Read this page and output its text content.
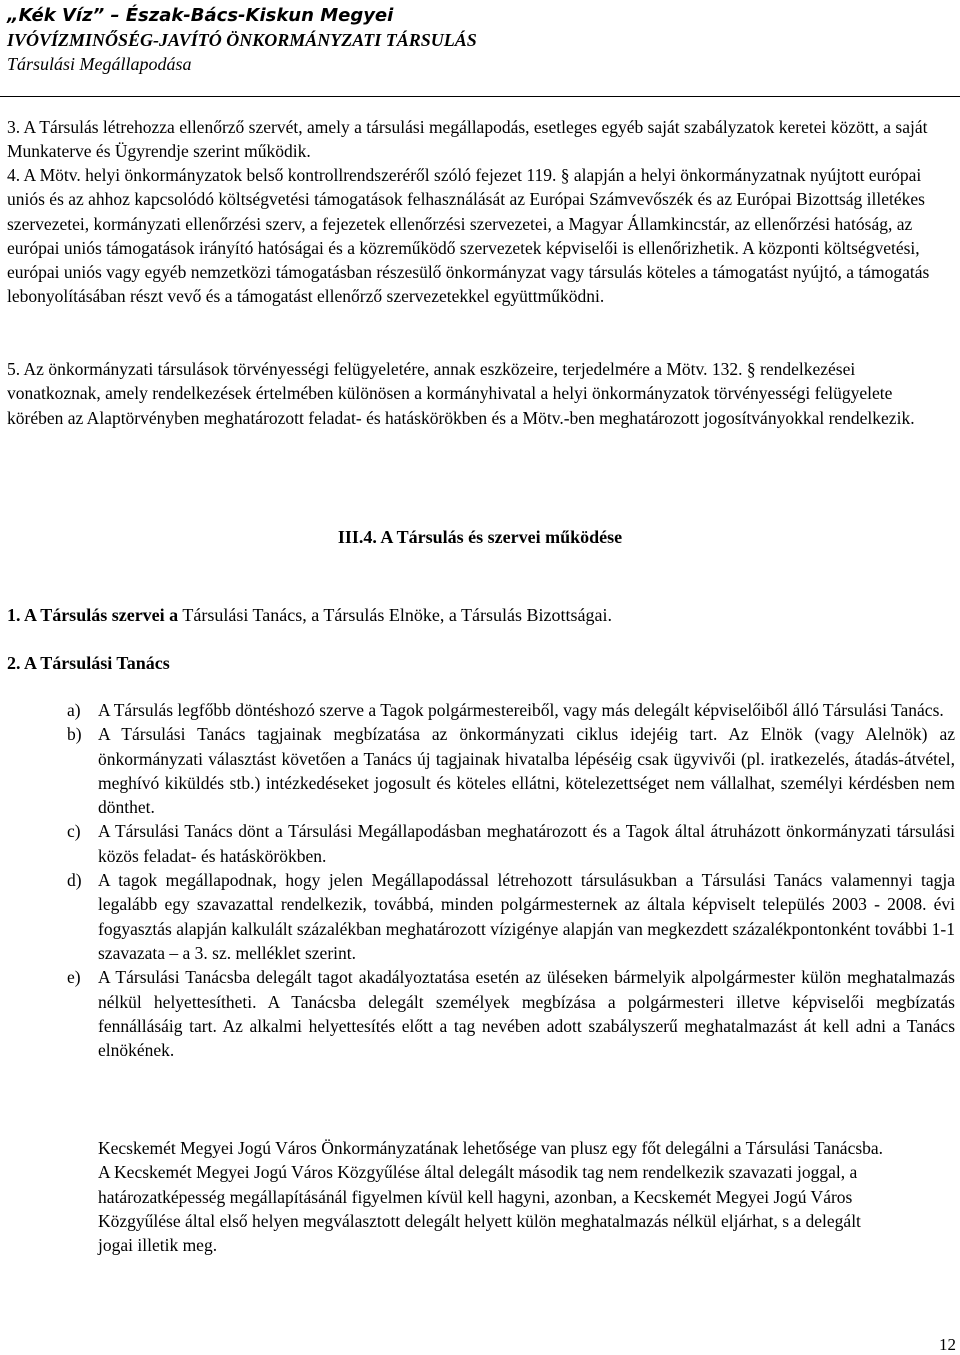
„Kék Víz” – Észak-Bács-Kiskun Megyei
IVÓVÍZMINŐSÉG-JAVÍTÓ ÖNKORMÁNYZATI TÁRSULÁS
Társulási Megállapodása
3. A Társulás létrehozza ellenőrző szervét, amely a társulási megállapodás, esetleges egyéb saját szabályzatok keretei között, a saját Munkaterve és Ügyrendje szerint működik.
4. A Mötv. helyi önkormányzatok belső kontrollrendszeréről szóló fejezet 119. § alapján a helyi önkormányzatnak nyújtott európai uniós és az ahhoz kapcsolódó költségvetési támogatások felhasználását az Európai Számvevőszék és az Európai Bizottság illetékes szervezetei, kormányzati ellenőrzési szerv, a fejezetek ellenőrzési szervezetei, a Magyar Államkincstár, az ellenőrzési hatóság, az európai uniós támogatások irányító hatóságai és a közreműködő szervezetek képviselői is ellenőrizhetik. A központi költségvetési, európai uniós vagy egyéb nemzetközi támogatásban részesülő önkormányzat vagy társulás köteles a támogatást nyújtó, a támogatás lebonyolításában részt vevő és a támogatást ellenőrző szervezetekkel együttműködni.
5. Az önkormányzati társulások törvényességi felügyeletére, annak eszközeire, terjedelmére a Mötv. 132. § rendelkezései vonatkoznak, amely rendelkezések értelmében különösen a kormányhivatal a helyi önkormányzatok törvényességi felügyelete körében az Alaptörvényben meghatározott feladat- és hatáskörökben és a Mötv.-ben meghatározott jogosítványokkal rendelkezik.
III.4. A Társulás és szervei működése
1. A Társulás szervei a Társulási Tanács, a Társulás Elnöke, a Társulás Bizottságai.
2. A Társulási Tanács
a) A Társulás legfőbb döntéshozó szerve a Tagok polgármestereiből, vagy más delegált képviselőiből álló Társulási Tanács.
b) A Társulási Tanács tagjainak megbízatása az önkormányzati ciklus idejéig tart. Az Elnök (vagy Alelnök) az önkormányzati választást követően a Tanács új tagjainak hivatalba lépéséig csak ügyvivői (pl. iratkezelés, átadás-átvétel, meghívó kiküldés stb.) intézkedéseket jogosult és köteles ellátni, kötelezettséget nem vállalhat, személyi kérdésben nem dönthet.
c) A Társulási Tanács dönt a Társulási Megállapodásban meghatározott és a Tagok által átruházott önkormányzati társulási közös feladat- és hatáskörökben.
d) A tagok megállapodnak, hogy jelen Megállapodással létrehozott társulásukban a Társulási Tanács valamennyi tagja legalább egy szavazattal rendelkezik, továbbá, minden polgármesternek az általa képviselt település 2003 - 2008. évi fogyasztás alapján kalkulált százalékban meghatározott vízigénye alapján van megkezdett százalékpontonként további 1-1 szavazata – a 3. sz. melléklet szerint.
e) A Társulási Tanácsba delegált tagot akadályoztatása esetén az üléseken bármelyik alpolgármester külön meghatalmazás nélkül helyettesítheti. A Tanácsba delegált személyek megbízása a polgármesteri illetve képviselői megbízatás fennállásáig tart. Az alkalmi helyettesítés előtt a tag nevében adott szabályszerű meghatalmazást át kell adni a Tanács elnökének.
Kecskemét Megyei Jogú Város Önkormányzatának lehetősége van plusz egy főt delegálni a Társulási Tanácsba. A Kecskemét Megyei Jogú Város Közgyűlése által delegált második tag nem rendelkezik szavazati joggal, a határozatképesség megállapításánál figyelmen kívül kell hagyni, azonban, a Kecskemét Megyei Jogú Város Közgyűlése által első helyen megválasztott delegált helyett külön meghatalmazás nélkül eljárhat, s a delegált jogai illetik meg.
12
